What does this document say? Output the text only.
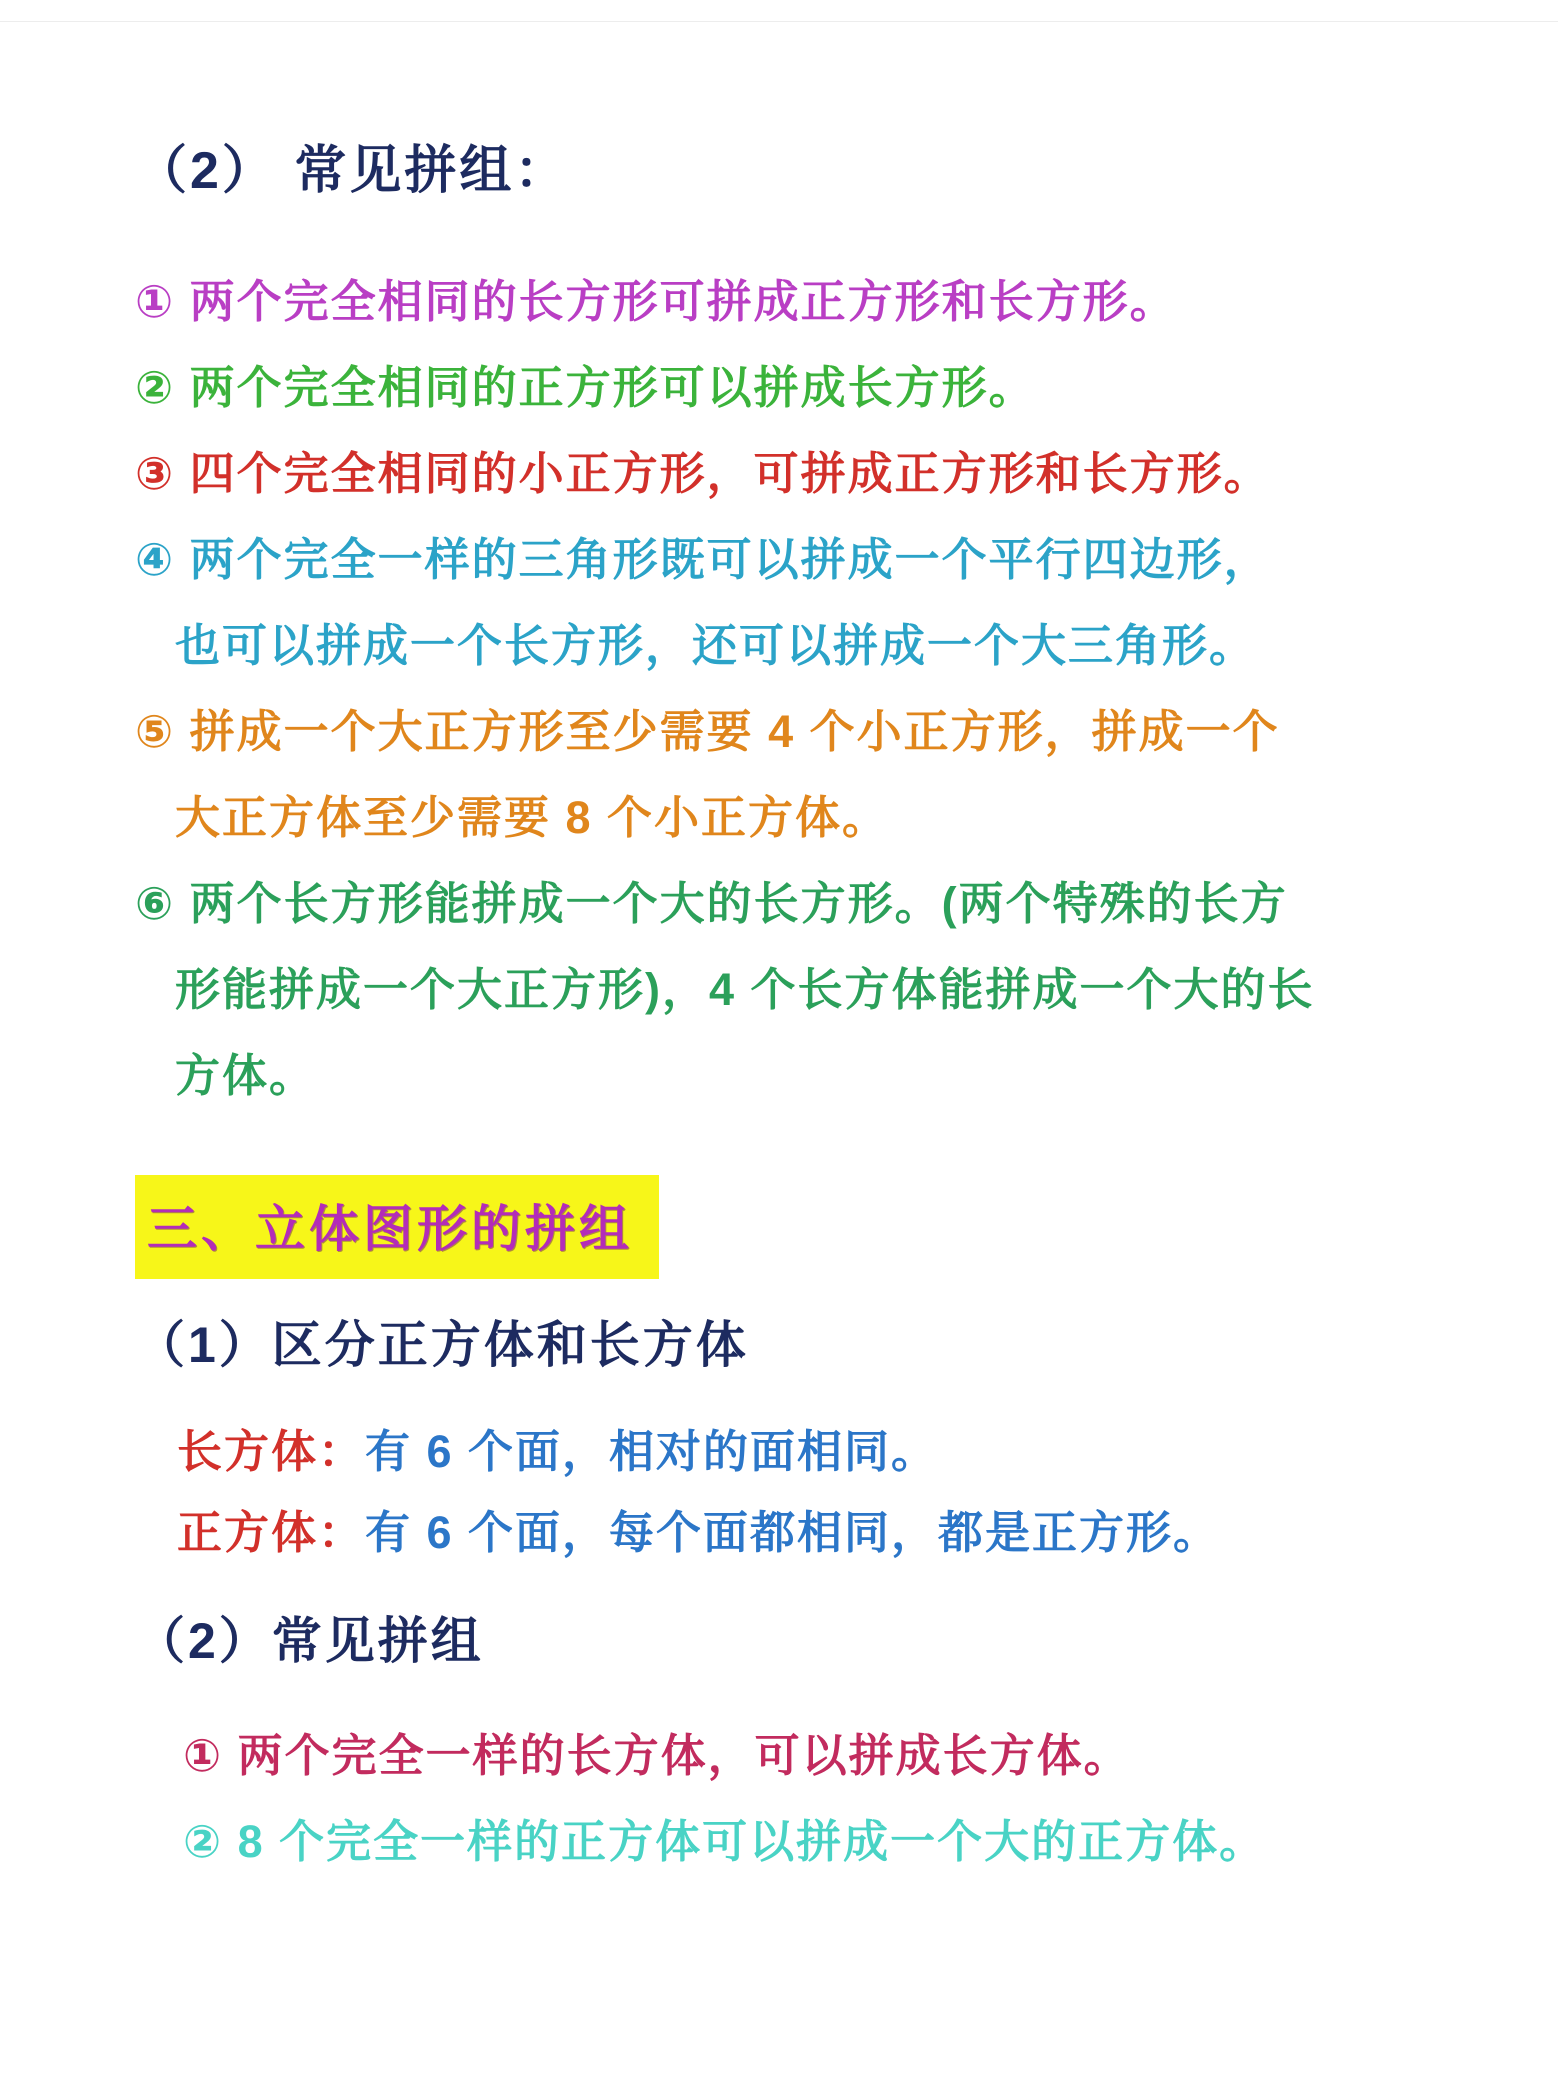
（2） 常见拼组：
① 两个完全相同的长方形可拼成正方形和长方形。
② 两个完全相同的正方形可以拼成长方形。
③ 四个完全相同的小正方形，可拼成正方形和长方形。
④ 两个完全一样的三角形既可以拼成一个平行四边形，
也可以拼成一个长方形，还可以拼成一个大三角形。
⑤ 拼成一个大正方形至少需要 4 个小正方形，拼成一个
大正方体至少需要 8 个小正方体。
⑥ 两个长方形能拼成一个大的长方形。(两个特殊的长方
形能拼成一个大正方形)，4 个长方体能拼成一个大的长
方体。
三、立体图形的拼组
（1）区分正方体和长方体
长方体：有 6 个面，相对的面相同。
正方体：有 6 个面，每个面都相同，都是正方形。
（2）常见拼组
① 两个完全一样的长方体，可以拼成长方体。
② 8 个完全一样的正方体可以拼成一个大的正方体。
